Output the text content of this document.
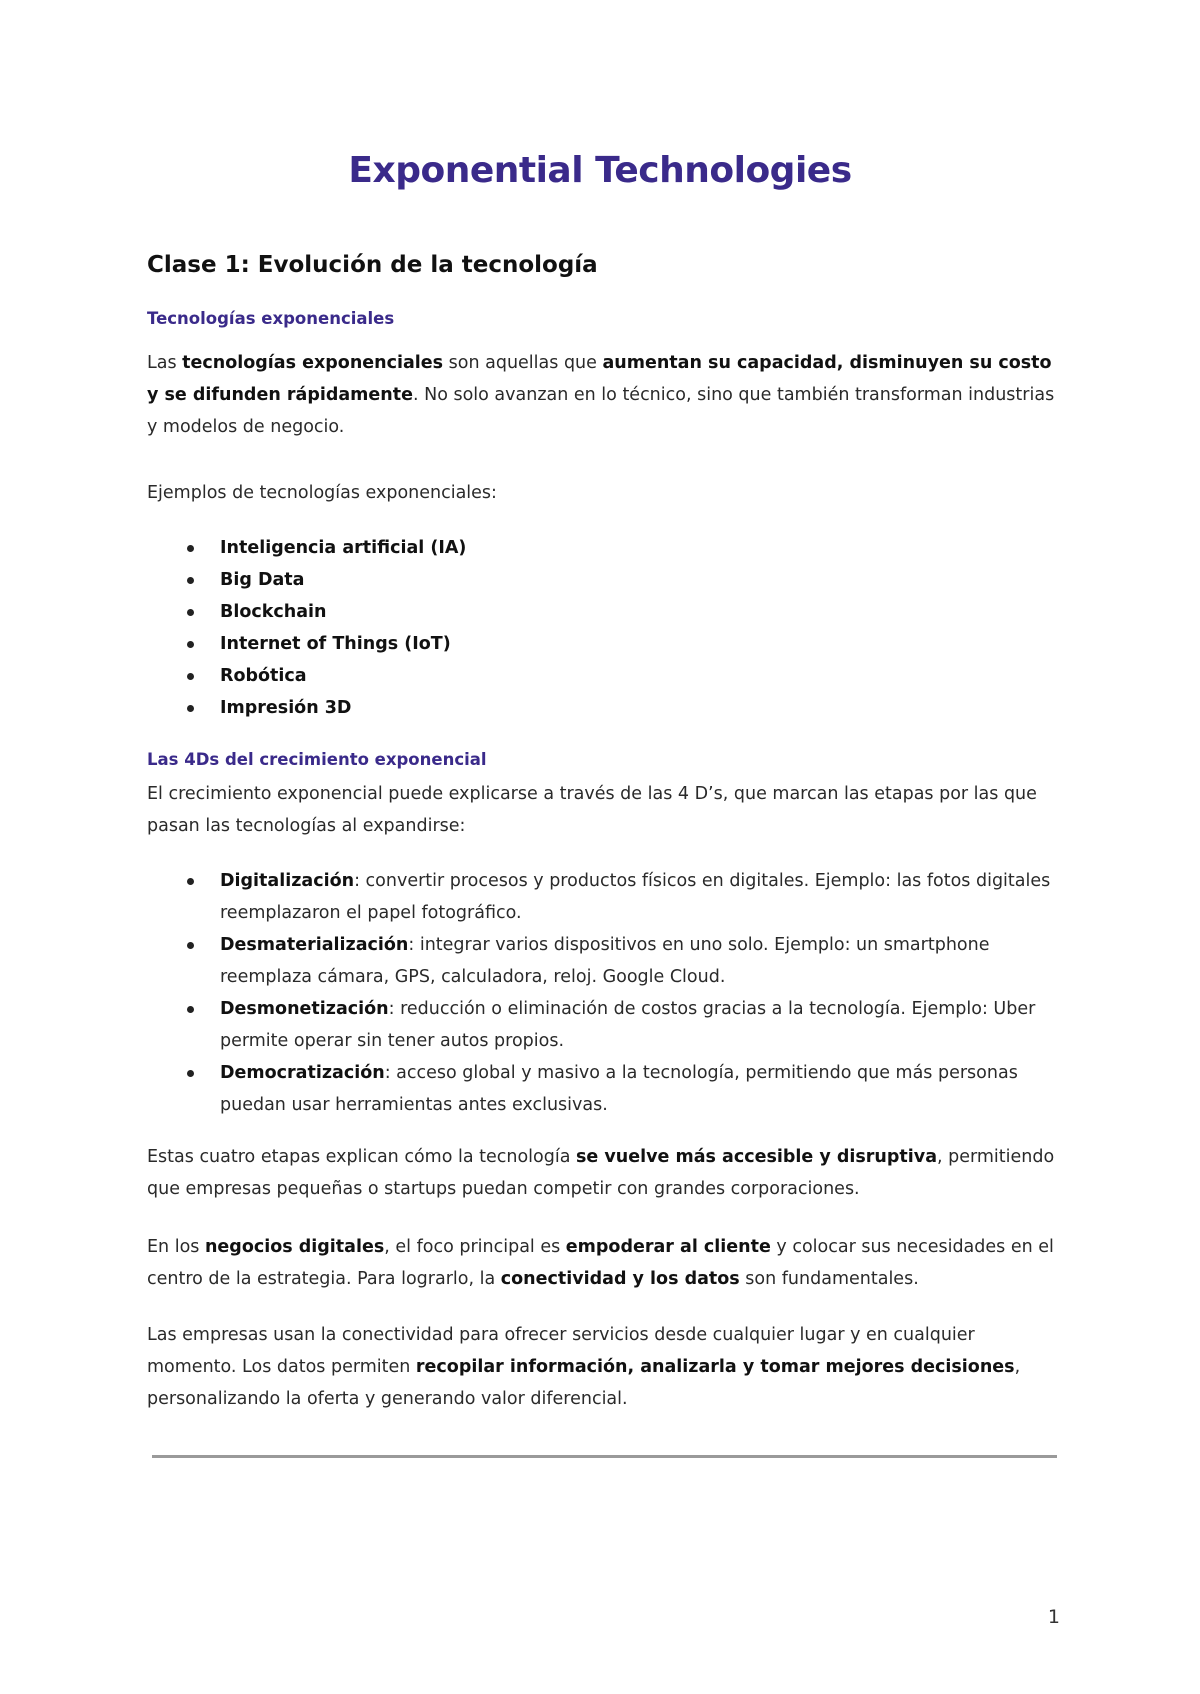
Exponential Technologies
Clase 1: Evolución de la tecnología
Tecnologías exponenciales

Las tecnologías exponenciales son aquellas que aumentan su capacidad, disminuyen su costo y se difunden rápidamente. No solo avanzan en lo técnico, sino que también transforman industrias y modelos de negocio.

Ejemplos de tecnologías exponenciales:

Inteligencia artificial (IA)
Big Data
Blockchain
Internet of Things (IoT)
Robótica
Impresión 3D
Las 4Ds del crecimiento exponencial

El crecimiento exponencial puede explicarse a través de las 4 D’s, que marcan las etapas por las que pasan las tecnologías al expandirse:

Digitalización: convertir procesos y productos físicos en digitales. Ejemplo: las fotos digitales reemplazaron el papel fotográfico.
Desmaterialización: integrar varios dispositivos en uno solo. Ejemplo: un smartphone reemplaza cámara, GPS, calculadora, reloj. Google Cloud.
Desmonetización: reducción o eliminación de costos gracias a la tecnología. Ejemplo: Uber permite operar sin tener autos propios.
Democratización: acceso global y masivo a la tecnología, permitiendo que más personas puedan usar herramientas antes exclusivas.

Estas cuatro etapas explican cómo la tecnología se vuelve más accesible y disruptiva, permitiendo que empresas pequeñas o startups puedan competir con grandes corporaciones.

En los negocios digitales, el foco principal es empoderar al cliente y colocar sus necesidades en el centro de la estrategia. Para lograrlo, la conectividad y los datos son fundamentales.

Las empresas usan la conectividad para ofrecer servicios desde cualquier lugar y en cualquier momento. Los datos permiten recopilar información, analizarla y tomar mejores decisiones, personalizando la oferta y generando valor diferencial.

1
